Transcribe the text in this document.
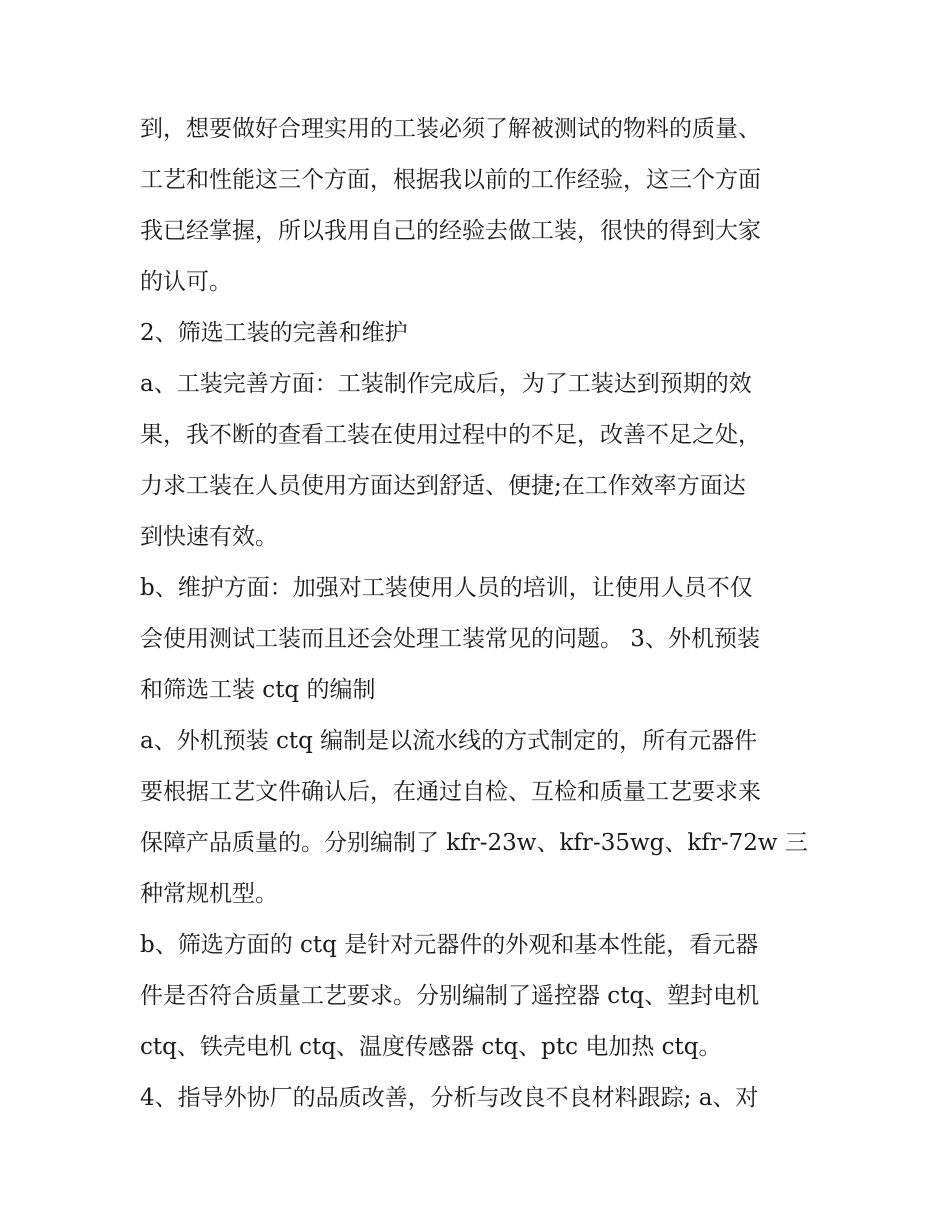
到，想要做好合理实用的工装必须了解被测试的物料的质量、
工艺和性能这三个方面，根据我以前的工作经验，这三个方面
我已经掌握，所以我用自己的经验去做工装，很快的得到大家
的认可。
2、筛选工装的完善和维护
a、工装完善方面：工装制作完成后，为了工装达到预期的效
果，我不断的查看工装在使用过程中的不足，改善不足之处，
力求工装在人员使用方面达到舒适、便捷;在工作效率方面达
到快速有效。
b、维护方面：加强对工装使用人员的培训，让使用人员不仅
会使用测试工装而且还会处理工装常见的问题。 3、外机预装
和筛选工装 ctq 的编制
a、外机预装 ctq 编制是以流水线的方式制定的，所有元器件
要根据工艺文件确认后，在通过自检、互检和质量工艺要求来
保障产品质量的。分别编制了 kfr-23w、kfr-35wg、kfr-72w 三
种常规机型。
b、筛选方面的 ctq 是针对元器件的外观和基本性能，看元器
件是否符合质量工艺要求。分别编制了遥控器 ctq、塑封电机
ctq、铁壳电机 ctq、温度传感器 ctq、ptc 电加热 ctq。
4、指导外协厂的品质改善，分析与改良不良材料跟踪; a、对
